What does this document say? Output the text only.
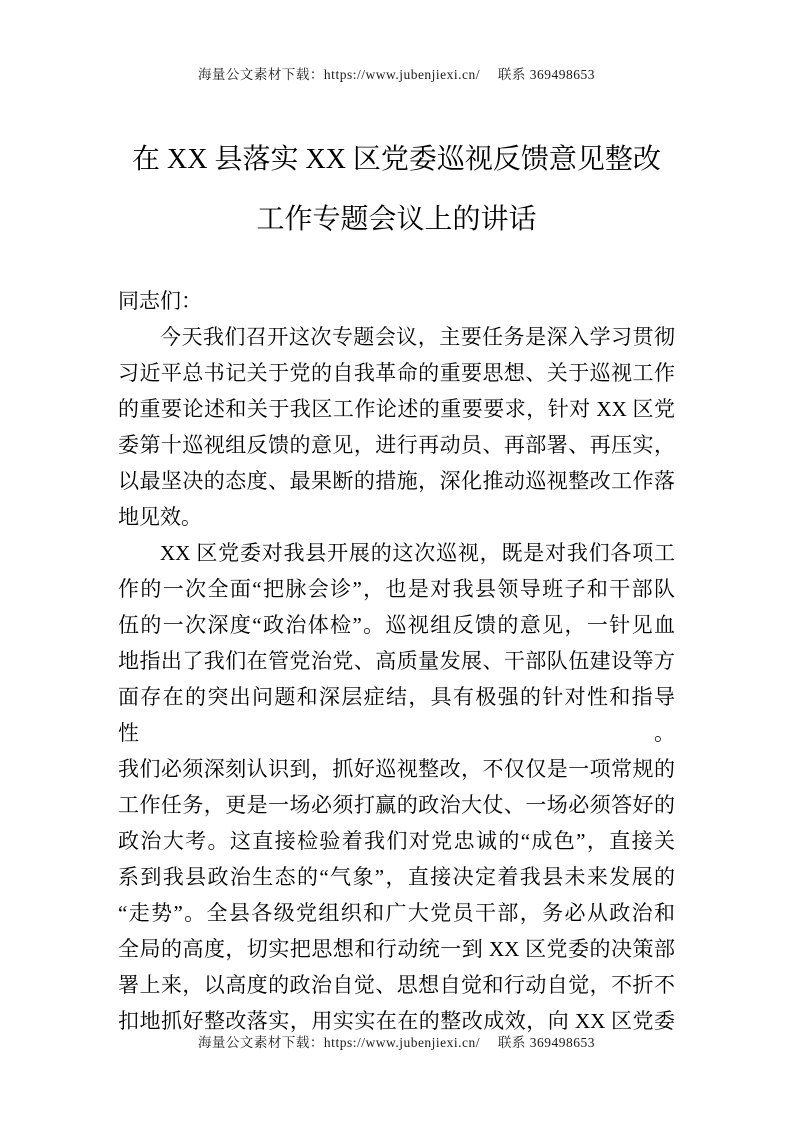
海量公文素材下载：https://www.jubenjiexi.cn/　 联系 369498653
在 XX 县落实 XX 区党委巡视反馈意见整改
工作专题会议上的讲话
同志们：
今天我们召开这次专题会议，主要任务是深入学习贯彻
习近平总书记关于党的自我革命的重要思想、关于巡视工作
的重要论述和关于我区工作论述的重要要求，针对 XX 区党
委第十巡视组反馈的意见，进行再动员、再部署、再压实，
以最坚决的态度、最果断的措施，深化推动巡视整改工作落
地见效。
XX 区党委对我县开展的这次巡视，既是对我们各项工
作的一次全面“把脉会诊”，也是对我县领导班子和干部队
伍的一次深度“政治体检”。巡视组反馈的意见，一针见血
地指出了我们在管党治党、高质量发展、干部队伍建设等方
面存在的突出问题和深层症结，具有极强的针对性和指导性。
我们必须深刻认识到，抓好巡视整改，不仅仅是一项常规的
工作任务，更是一场必须打赢的政治大仗、一场必须答好的
政治大考。这直接检验着我们对党忠诚的“成色”，直接关
系到我县政治生态的“气象”，直接决定着我县未来发展的
“走势”。全县各级党组织和广大党员干部，务必从政治和
全局的高度，切实把思想和行动统一到 XX 区党委的决策部
署上来，以高度的政治自觉、思想自觉和行动自觉，不折不
扣地抓好整改落实，用实实在在的整改成效，向 XX 区党委
海量公文素材下载：https://www.jubenjiexi.cn/　 联系 369498653
